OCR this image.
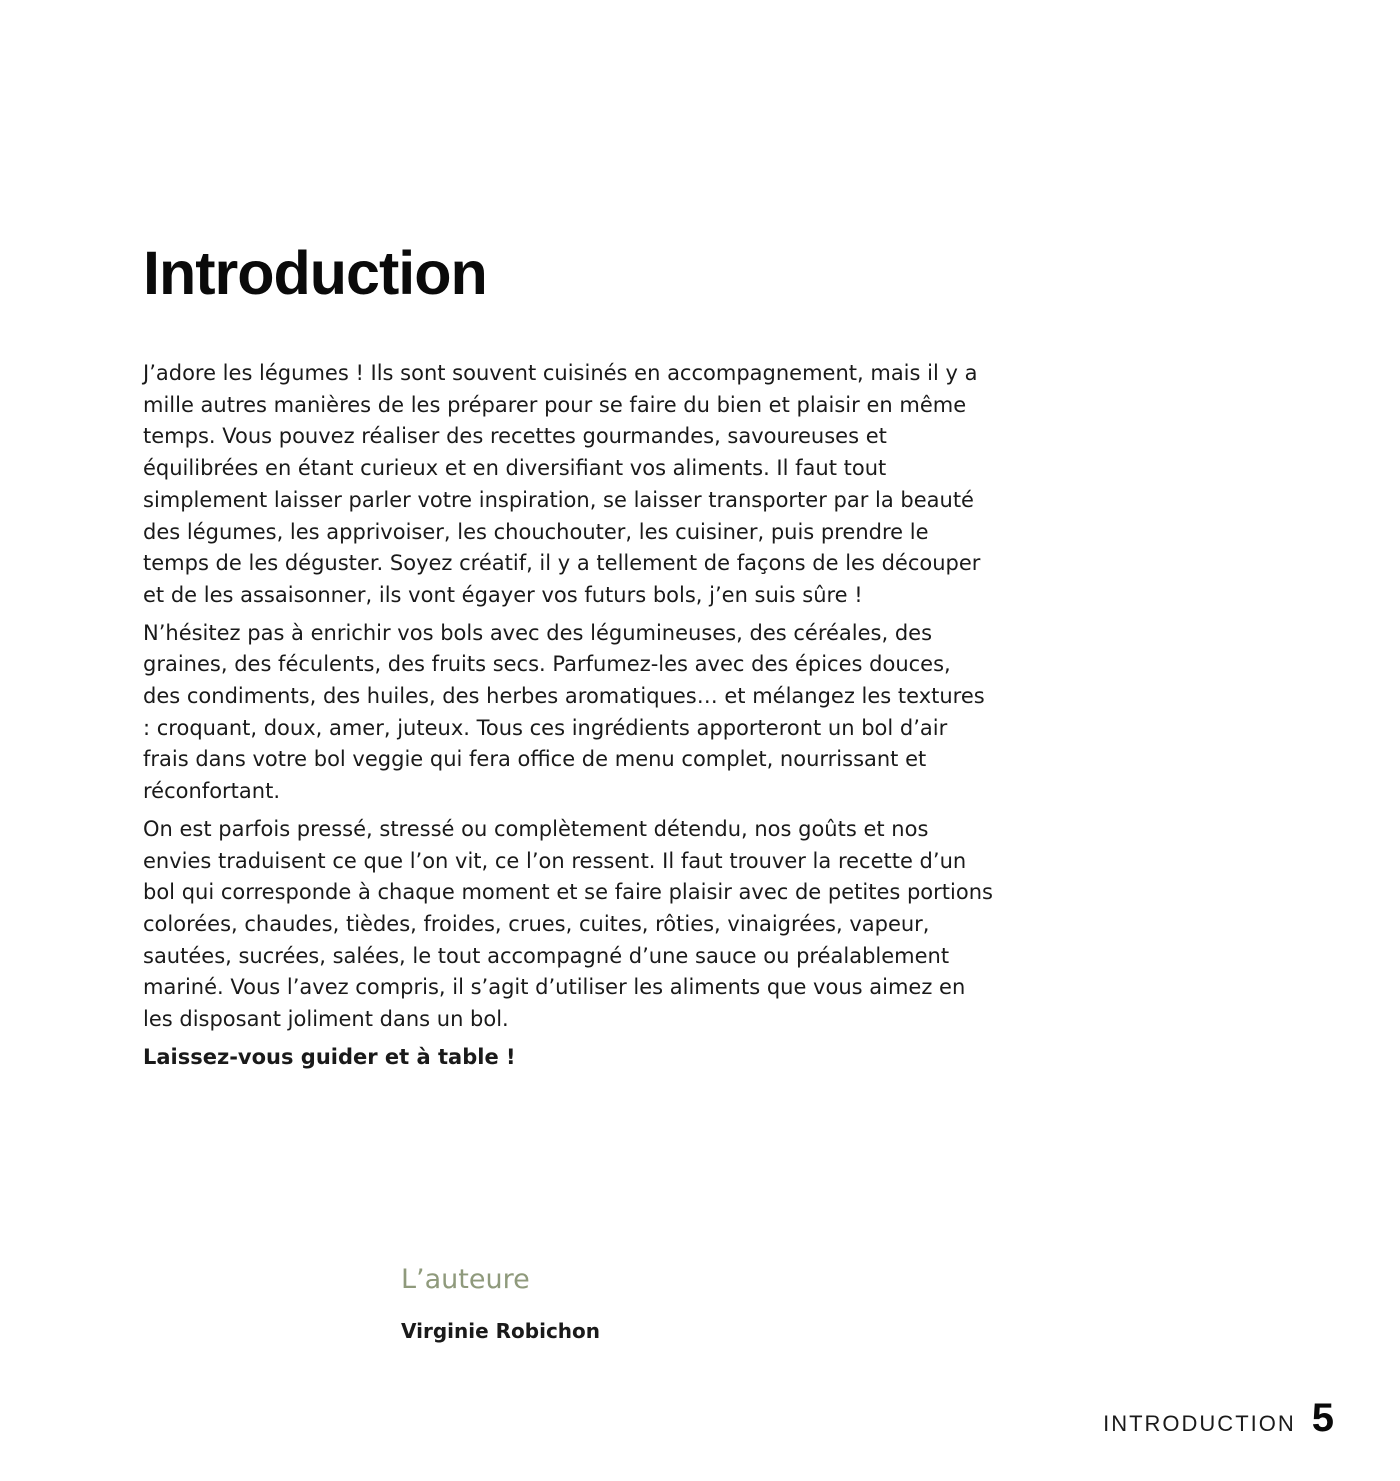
Introduction

J’adore les légumes ! Ils sont souvent cuisinés en accompagnement, mais il y a mille autres manières de les préparer pour se faire du bien et plaisir en même temps. Vous pouvez réaliser des recettes gourmandes, savoureuses et équilibrées en étant curieux et en diversifiant vos aliments. Il faut tout simplement laisser parler votre inspiration, se laisser transporter par la beauté des légumes, les apprivoiser, les chouchouter, les cuisiner, puis prendre le temps de les déguster. Soyez créatif, il y a tellement de façons de les découper et de les assaisonner, ils vont égayer vos futurs bols, j’en suis sûre !

N’hésitez pas à enrichir vos bols avec des légumineuses, des céréales, des graines, des féculents, des fruits secs. Parfumez-les avec des épices douces, des condiments, des huiles, des herbes aromatiques… et mélangez les textures : croquant, doux, amer, juteux. Tous ces ingrédients apporteront un bol d’air frais dans votre bol veggie qui fera office de menu complet, nourrissant et réconfortant.

On est parfois pressé, stressé ou complètement détendu, nos goûts et nos envies traduisent ce que l’on vit, ce l’on ressent. Il faut trouver la recette d’un bol qui corresponde à chaque moment et se faire plaisir avec de petites portions colorées, chaudes, tièdes, froides, crues, cuites, rôties, vinaigrées, vapeur, sautées, sucrées, salées, le tout accompagné d’une sauce ou préalablement mariné. Vous l’avez compris, il s’agit d’utiliser les aliments que vous aimez en les disposant joliment dans un bol.

Laissez-vous guider et à table !

L’auteure

Virginie Robichon

INTRODUCTION 5
